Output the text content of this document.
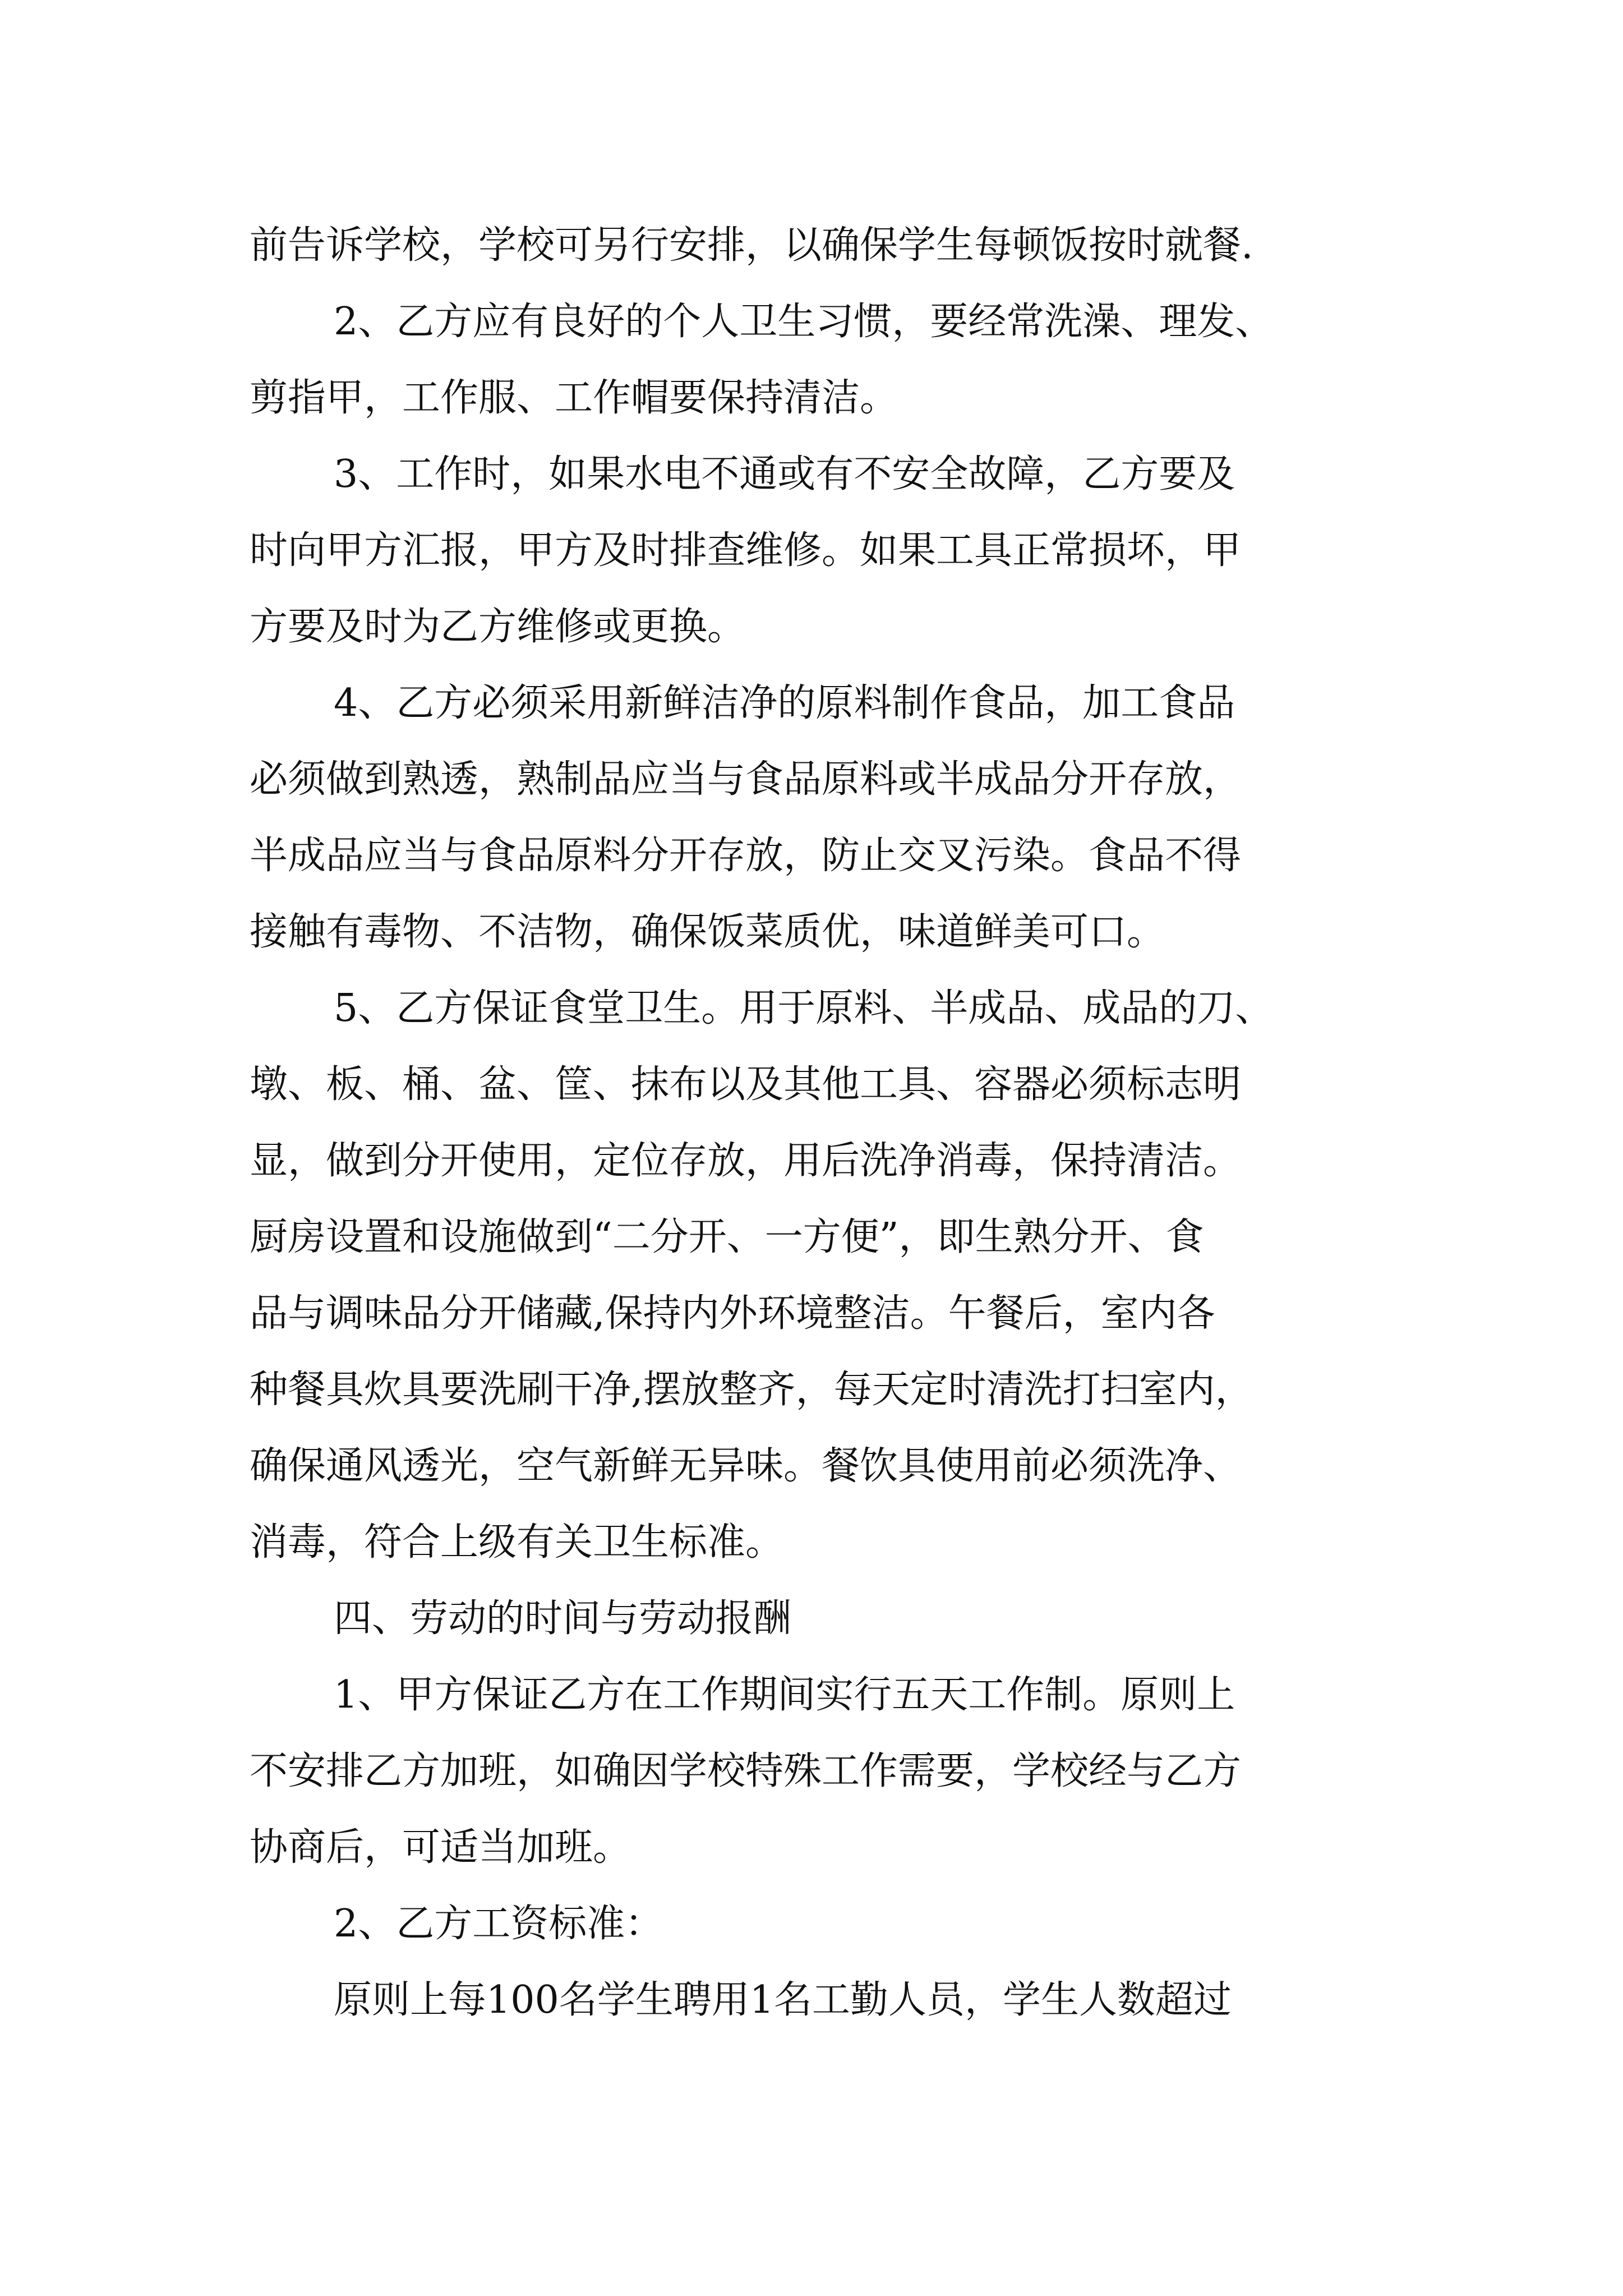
前告诉学校，学校可另行安排，以确保学生每顿饭按时就餐.
2、乙方应有良好的个人卫生习惯，要经常洗澡、理发、
剪指甲，工作服、工作帽要保持清洁。
3、工作时，如果水电不通或有不安全故障，乙方要及
时向甲方汇报，甲方及时排查维修。如果工具正常损坏，甲
方要及时为乙方维修或更换。
4、乙方必须采用新鲜洁净的原料制作食品，加工食品
必须做到熟透，熟制品应当与食品原料或半成品分开存放，
半成品应当与食品原料分开存放，防止交叉污染。食品不得
接触有毒物、不洁物，确保饭菜质优，味道鲜美可口。
5、乙方保证食堂卫生。用于原料、半成品、成品的刀、
墩、板、桶、盆、筐、抹布以及其他工具、容器必须标志明
显，做到分开使用，定位存放，用后洗净消毒，保持清洁。
厨房设置和设施做到“二分开、一方便”，即生熟分开、食
品与调味品分开储藏,保持内外环境整洁。午餐后，室内各
种餐具炊具要洗刷干净,摆放整齐，每天定时清洗打扫室内，
确保通风透光，空气新鲜无异味。餐饮具使用前必须洗净、
消毒，符合上级有关卫生标准。
四、劳动的时间与劳动报酬
1、甲方保证乙方在工作期间实行五天工作制。原则上
不安排乙方加班，如确因学校特殊工作需要，学校经与乙方
协商后，可适当加班。
2、乙方工资标准：
原则上每100名学生聘用1名工勤人员，学生人数超过
